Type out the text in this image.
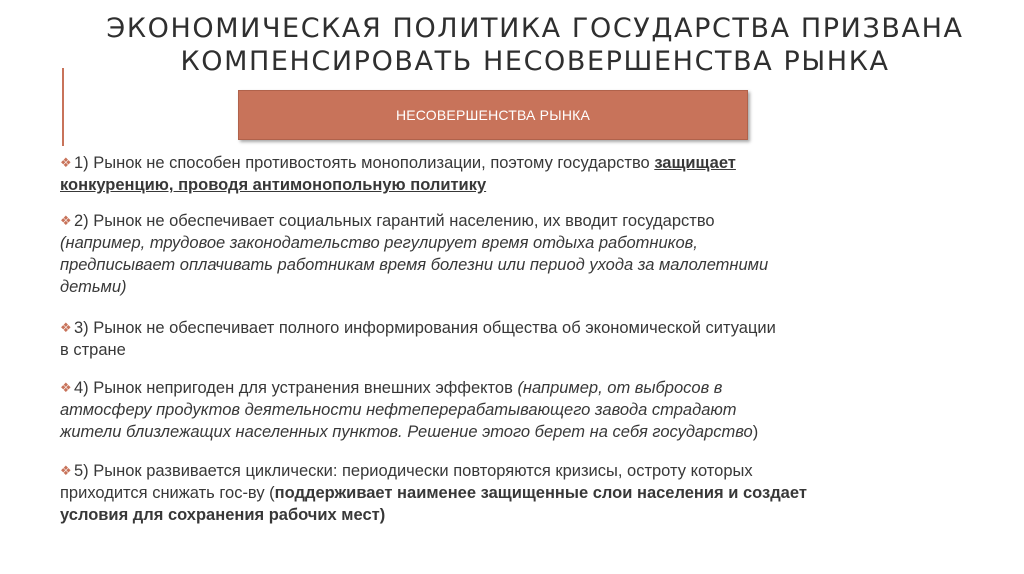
ЭКОНОМИЧЕСКАЯ ПОЛИТИКА ГОСУДАРСТВА ПРИЗВАНА
КОМПЕНСИРОВАТЬ НЕСОВЕРШЕНСТВА РЫНКА
НЕСОВЕРШЕНСТВА РЫНКА
❖ 1) Рынок не способен противостоять монополизации, поэтому государство защищает
конкуренцию, проводя антимонопольную политику
❖ 2) Рынок не обеспечивает социальных гарантий населению, их вводит государство
(например, трудовое законодательство регулирует время отдыха работников,
предписывает оплачивать работникам время болезни или период ухода за малолетними
детьми)
❖ 3) Рынок не обеспечивает полного информирования общества об экономической ситуации
в стране
❖ 4) Рынок непригоден для устранения внешних эффектов (например, от выбросов в
атмосферу продуктов деятельности нефтеперерабатывающего завода страдают
жители близлежащих населенных пунктов. Решение этого берет на себя государство)
❖ 5) Рынок развивается циклически: периодически повторяются кризисы, остроту которых
приходится снижать гос-ву (поддерживает наименее защищенные слои населения и создает
условия для сохранения рабочих мест)
